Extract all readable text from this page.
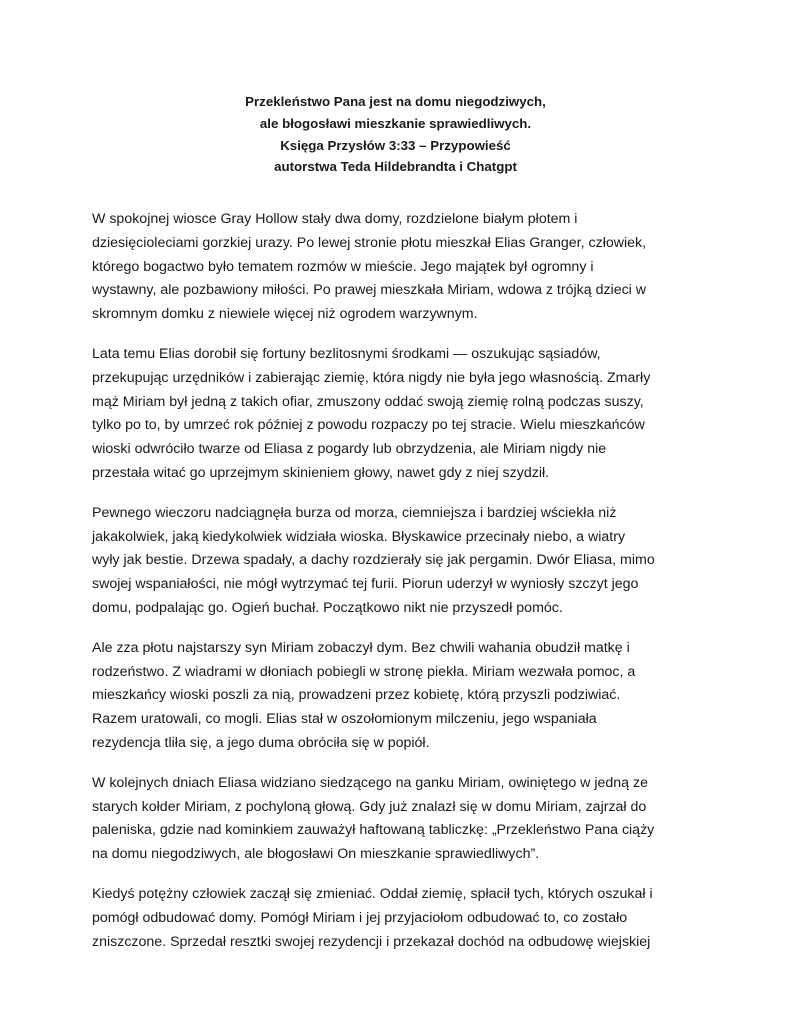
Przekleństwo Pana jest na domu niegodziwych,

ale błogosławi mieszkanie sprawiedliwych.

Księga Przysłów 3:33 – Przypowieść

autorstwa Teda Hildebrandta i Chatgpt

W spokojnej wiosce Gray Hollow stały dwa domy, rozdzielone białym płotem i
dziesięcioleciami gorzkiej urazy. Po lewej stronie płotu mieszkał Elias Granger, człowiek,
którego bogactwo było tematem rozmów w mieście. Jego majątek był ogromny i
wystawny, ale pozbawiony miłości. Po prawej mieszkała Miriam, wdowa z trójką dzieci w
skromnym domku z niewiele więcej niż ogrodem warzywnym.

Lata temu Elias dorobił się fortuny bezlitosnymi środkami — oszukując sąsiadów,
przekupując urzędników i zabierając ziemię, która nigdy nie była jego własnością. Zmarły
mąż Miriam był jedną z takich ofiar, zmuszony oddać swoją ziemię rolną podczas suszy,
tylko po to, by umrzeć rok później z powodu rozpaczy po tej stracie. Wielu mieszkańców
wioski odwróciło twarze od Eliasa z pogardy lub obrzydzenia, ale Miriam nigdy nie
przestała witać go uprzejmym skinieniem głowy, nawet gdy z niej szydził.

Pewnego wieczoru nadciągnęła burza od morza, ciemniejsza i bardziej wściekła niż
jakakolwiek, jaką kiedykolwiek widziała wioska. Błyskawice przecinały niebo, a wiatry
wyły jak bestie. Drzewa spadały, a dachy rozdzierały się jak pergamin. Dwór Eliasa, mimo
swojej wspaniałości, nie mógł wytrzymać tej furii. Piorun uderzył w wyniosły szczyt jego
domu, podpalając go. Ogień buchał. Początkowo nikt nie przyszedł pomóc.

Ale zza płotu najstarszy syn Miriam zobaczył dym. Bez chwili wahania obudził matkę i
rodzeństwo. Z wiadrami w dłoniach pobiegli w stronę piekła. Miriam wezwała pomoc, a
mieszkańcy wioski poszli za nią, prowadzeni przez kobietę, którą przyszli podziwiać.
Razem uratowali, co mogli. Elias stał w oszołomionym milczeniu, jego wspaniała
rezydencja tliła się, a jego duma obróciła się w popiół.

W kolejnych dniach Eliasa widziano siedzącego na ganku Miriam, owiniętego w jedną ze
starych kołder Miriam, z pochyloną głową. Gdy już znalazł się w domu Miriam, zajrzał do
paleniska, gdzie nad kominkiem zauważył haftowaną tabliczkę: „Przekleństwo Pana ciąży
na domu niegodziwych, ale błogosławi On mieszkanie sprawiedliwych”.

Kiedyś potężny człowiek zaczął się zmieniać. Oddał ziemię, spłacił tych, których oszukał i
pomógł odbudować domy. Pomógł Miriam i jej przyjaciołom odbudować to, co zostało
zniszczone. Sprzedał resztki swojej rezydencji i przekazał dochód na odbudowę wiejskiej
